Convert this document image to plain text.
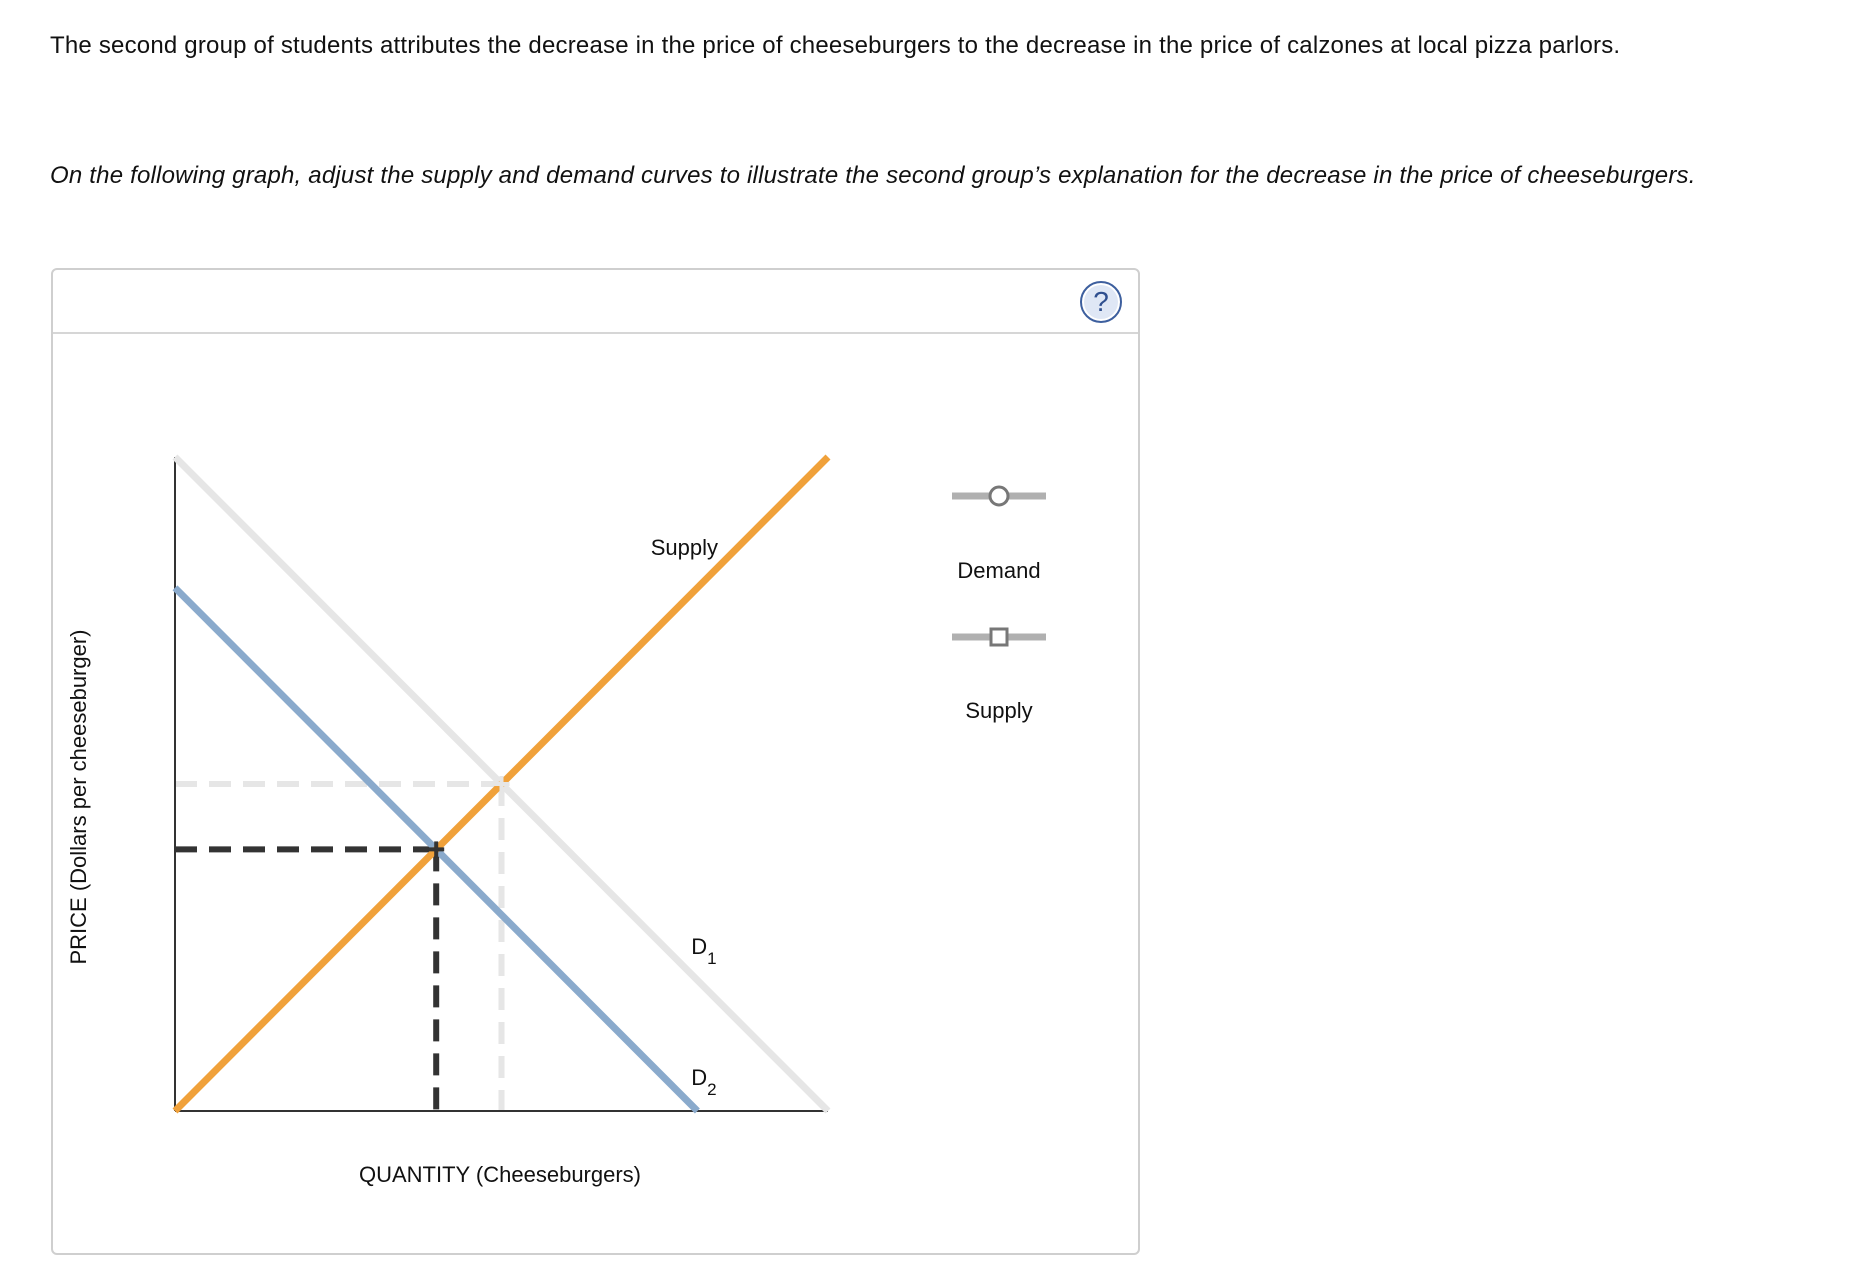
The second group of students attributes the decrease in the price of cheeseburgers to the decrease in the price of calzones at local pizza parlors.
On the following graph, adjust the supply and demand curves to illustrate the second group’s explanation for the decrease in the price of cheeseburgers.
?
PRICE (Dollars per cheeseburger)
QUANTITY (Cheeseburgers)
Demand
Supply
$D_1$
$D_2$
Supply
